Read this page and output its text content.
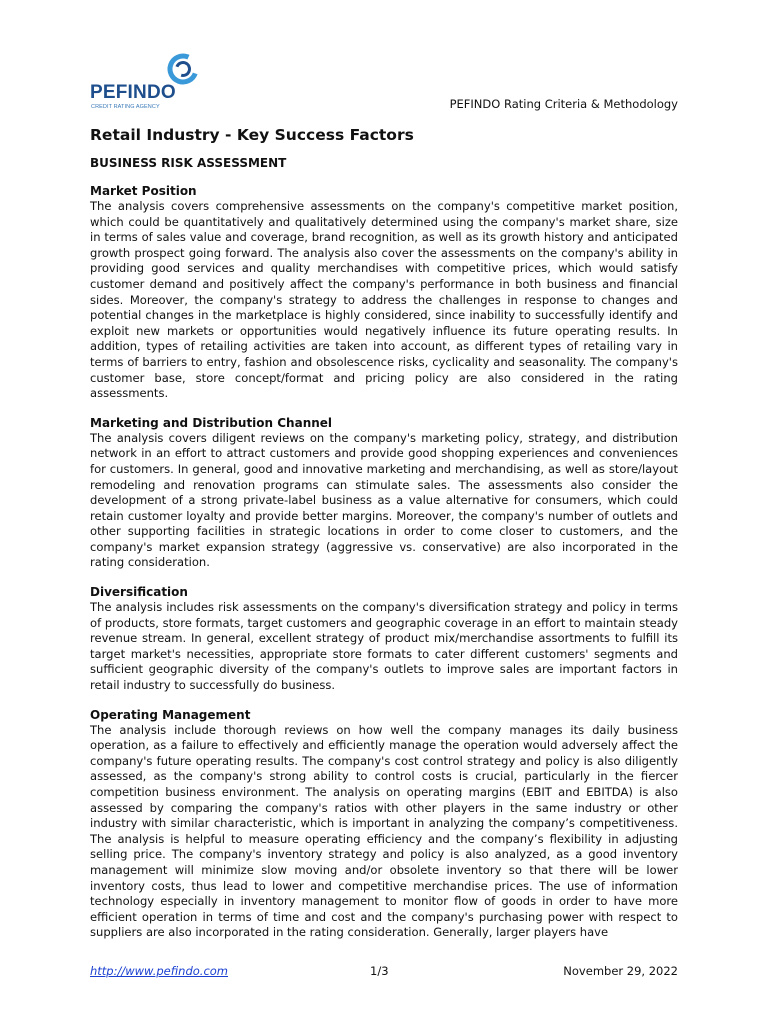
PEFINDO
CREDIT RATING AGENCY	PEFINDO Rating Criteria & Methodology
Retail Industry - Key Success Factors
BUSINESS RISK ASSESSMENT
Market Position

The analysis covers comprehensive assessments on the company's competitive market position, which could be quantitatively and qualitatively determined using the company's market share, size in terms of sales value and coverage, brand recognition, as well as its growth history and anticipated growth prospect going forward. The analysis also cover the assessments on the company's ability in providing good services and quality merchandises with competitive prices, which would satisfy customer demand and positively affect the company's performance in both business and financial sides. Moreover, the company's strategy to address the challenges in response to changes and potential changes in the marketplace is highly considered, since inability to successfully identify and exploit new markets or opportunities would negatively influence its future operating results. In addition, types of retailing activities are taken into account, as different types of retailing vary in terms of barriers to entry, fashion and obsolescence risks, cyclicality and seasonality. The company's customer base, store concept/format and pricing policy are also considered in the rating assessments.

Marketing and Distribution Channel

The analysis covers diligent reviews on the company's marketing policy, strategy, and distribution network in an effort to attract customers and provide good shopping experiences and conveniences for customers. In general, good and innovative marketing and merchandising, as well as store/layout remodeling and renovation programs can stimulate sales. The assessments also consider the development of a strong private-label business as a value alternative for consumers, which could retain customer loyalty and provide better margins. Moreover, the company's number of outlets and other supporting facilities in strategic locations in order to come closer to customers, and the company's market expansion strategy (aggressive vs. conservative) are also incorporated in the rating consideration.

Diversification

The analysis includes risk assessments on the company's diversification strategy and policy in terms of products, store formats, target customers and geographic coverage in an effort to maintain steady revenue stream. In general, excellent strategy of product mix/merchandise assortments to fulfill its target market's necessities, appropriate store formats to cater different customers' segments and sufficient geographic diversity of the company's outlets to improve sales are important factors in retail industry to successfully do business.

Operating Management

The analysis include thorough reviews on how well the company manages its daily business operation, as a failure to effectively and efficiently manage the operation would adversely affect the company's future operating results. The company's cost control strategy and policy is also diligently assessed, as the company's strong ability to control costs is crucial, particularly in the fiercer competition business environment. The analysis on operating margins (EBIT and EBITDA) is also assessed by comparing the company's ratios with other players in the same industry or other industry with similar characteristic, which is important in analyzing the company’s competitiveness. The analysis is helpful to measure operating efficiency and the company’s flexibility in adjusting selling price. The company's inventory strategy and policy is also analyzed, as a good inventory management will minimize slow moving and/or obsolete inventory so that there will be lower inventory costs, thus lead to lower and competitive merchandise prices. The use of information technology especially in inventory management to monitor flow of goods in order to have more efficient operation in terms of time and cost and the company's purchasing power with respect to suppliers are also incorporated in the rating consideration. Generally, larger players have

http://www.pefindo.com	1/3	November 29, 2022
